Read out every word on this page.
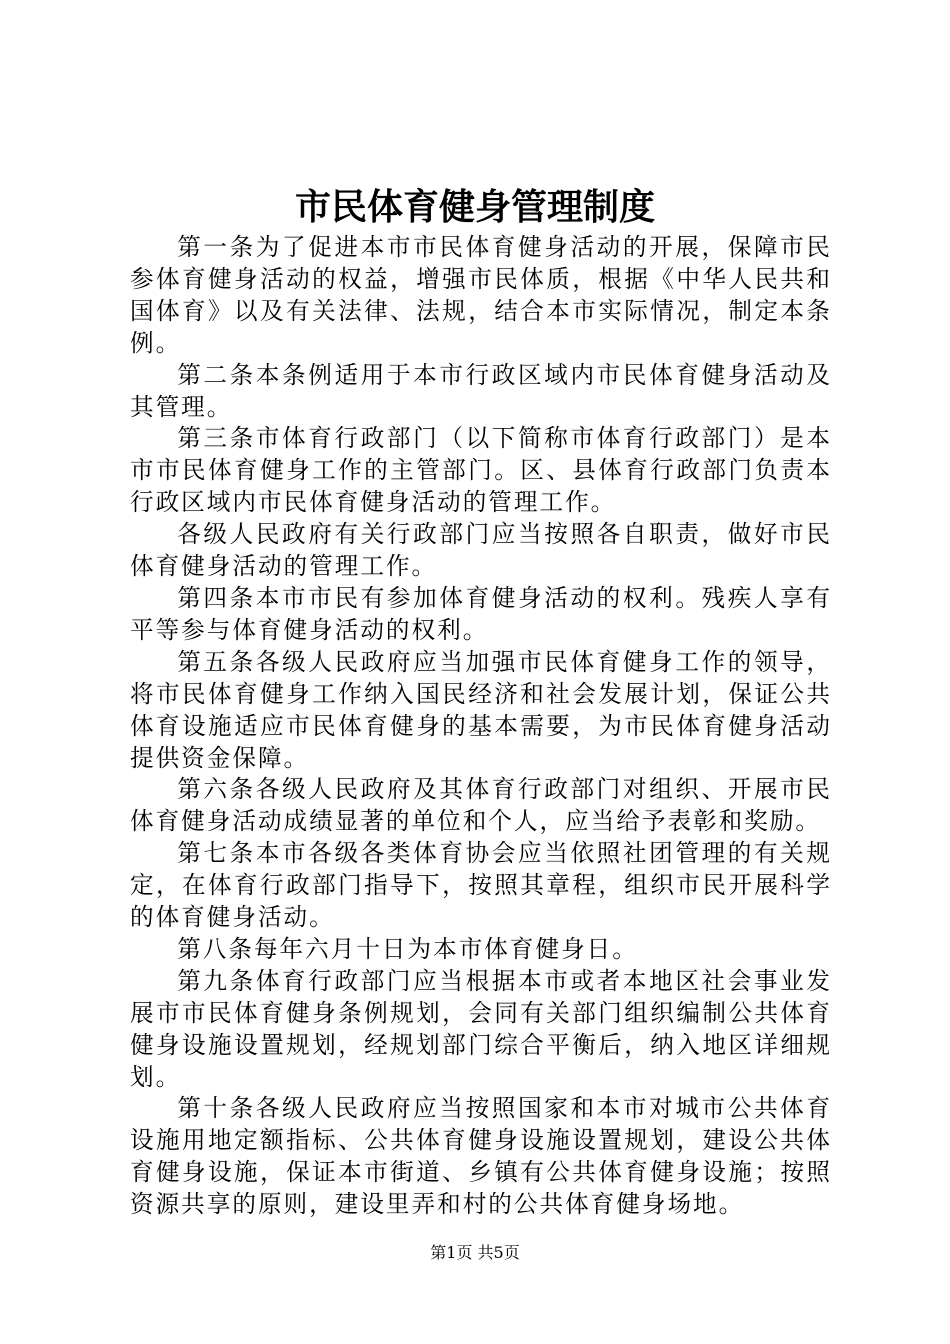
市民体育健身管理制度

第一条为了促进本市市民体育健身活动的开展，保障市民参体育健身活动的权益，增强市民体质，根据《中华人民共和国体育》以及有关法律、法规，结合本市实际情况，制定本条例。

第二条本条例适用于本市行政区域内市民体育健身活动及其管理。

第三条市体育行政部门（以下简称市体育行政部门）是本市市民体育健身工作的主管部门。区、县体育行政部门负责本行政区域内市民体育健身活动的管理工作。

各级人民政府有关行政部门应当按照各自职责，做好市民体育健身活动的管理工作。

第四条本市市民有参加体育健身活动的权利。残疾人享有平等参与体育健身活动的权利。

第五条各级人民政府应当加强市民体育健身工作的领导，将市民体育健身工作纳入国民经济和社会发展计划，保证公共体育设施适应市民体育健身的基本需要，为市民体育健身活动提供资金保障。

第六条各级人民政府及其体育行政部门对组织、开展市民体育健身活动成绩显著的单位和个人，应当给予表彰和奖励。

第七条本市各级各类体育协会应当依照社团管理的有关规定，在体育行政部门指导下，按照其章程，组织市民开展科学的体育健身活动。

第八条每年六月十日为本市体育健身日。

第九条体育行政部门应当根据本市或者本地区社会事业发展市市民体育健身条例规划，会同有关部门组织编制公共体育健身设施设置规划，经规划部门综合平衡后，纳入地区详细规划。

第十条各级人民政府应当按照国家和本市对城市公共体育设施用地定额指标、公共体育健身设施设置规划，建设公共体育健身设施，保证本市街道、乡镇有公共体育健身设施；按照资源共享的原则，建设里弄和村的公共体育健身场地。

第1页 共5页
